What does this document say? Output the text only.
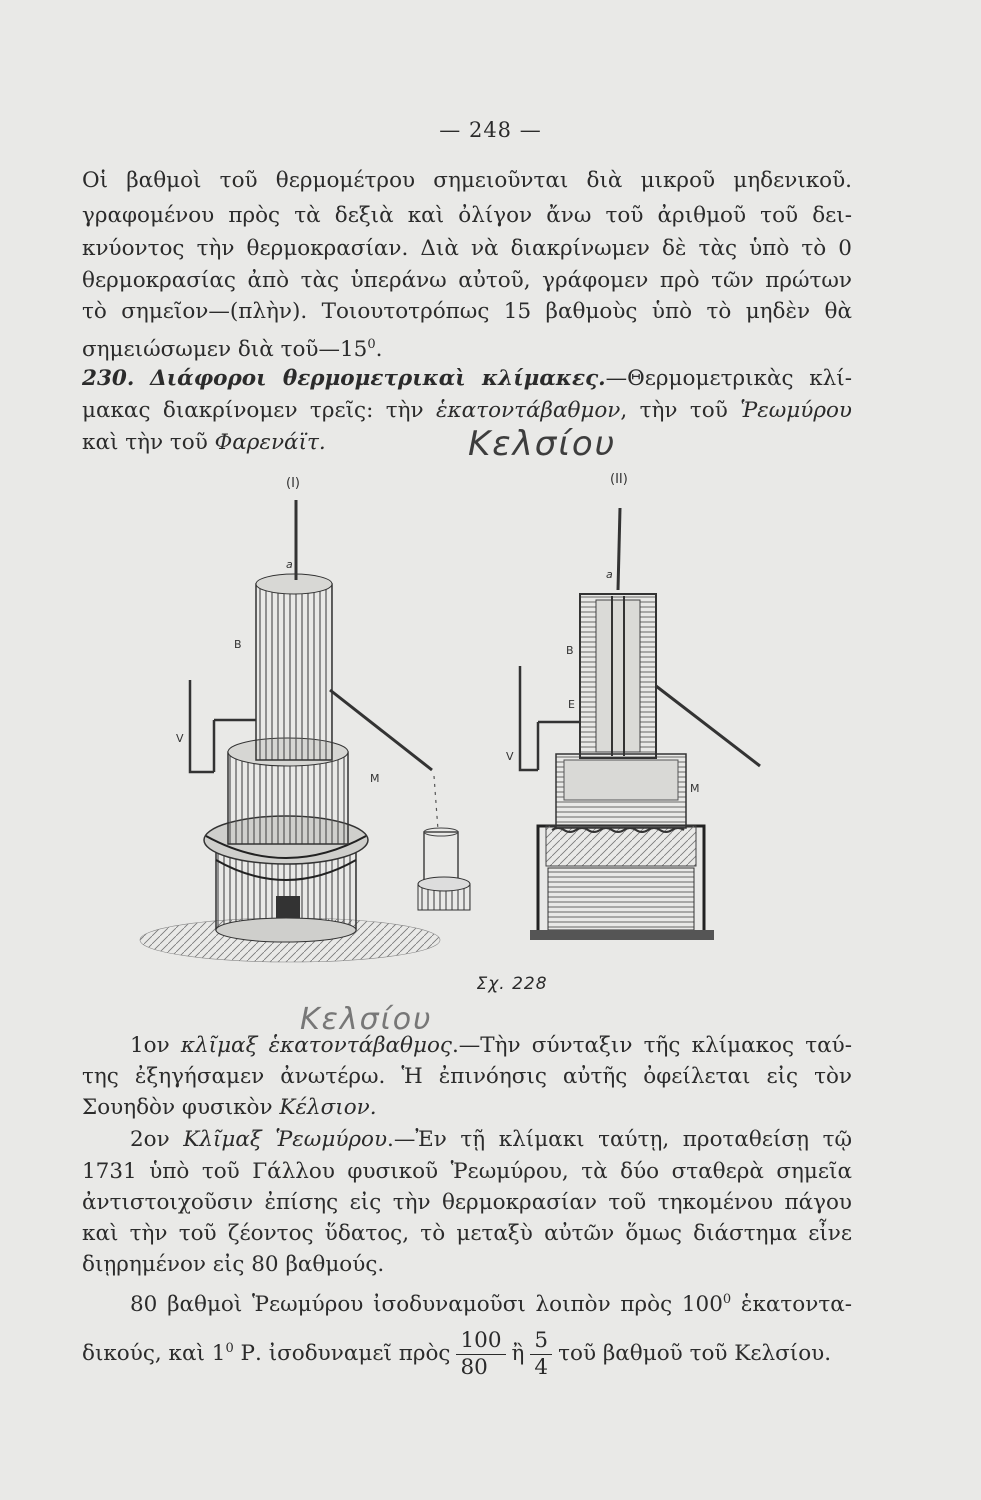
— 248 —
Οἱ βαθμοὶ τοῦ θερμομέτρου σημειοῦνται διὰ μικροῦ μηδενικοῦ.
γραφομένου πρὸς τὰ δεξιὰ καὶ ὀλίγον ἄνω τοῦ ἀριθμοῦ τοῦ δει-
κνύοντος τὴν θερμοκρασίαν. Διὰ νὰ διακρίνωμεν δὲ τὰς ὑπὸ τὸ 0
θερμοκρασίας ἀπὸ τὰς ὑπεράνω αὐτοῦ, γράφομεν πρὸ τῶν πρώτων
τὸ σημεῖον—(πλὴν). Τοιουτοτρόπως 15 βαθμοὺς ὑπὸ τὸ μηδὲν θὰ
σημειώσωμεν διὰ $\tau oῦ—15^0$.
230. Διάφοροι θερμομετρικαὶ κλίμακες.—Θερμομετρικὰς κλί-
μακας διακρίνομεν τρεῖς: τὴν ἑκατοντάβαθμον, τὴν τοῦ Ῥεωμύρου
καὶ τὴν τοῦ Φαρενάϊτ.	Κελσίου
(I)	(II)
a
B
V
M
a
B
E
V
M
Σχ. 228
Κελσίου
1ον κλῖμαξ ἑκατοντάβαθμος.—Τὴν σύνταξιν τῆς κλίμακος ταύ-
της ἐξηγήσαμεν ἀνωτέρω. Ἡ ἐπινόησις αὐτῆς ὀφείλεται εἰς τὸν
Σουηδὸν φυσικὸν Κέλσιον.
2ον Κλῖμαξ Ῥεωμύρου.—Ἐν τῇ κλίμακι ταύτῃ, προταθείσῃ τῷ
1731 ὑπὸ τοῦ Γάλλου φυσικοῦ Ῥεωμύρου, τὰ δύο σταθερὰ σημεῖα
ἀντιστοιχοῦσιν ἐπίσης εἰς τὴν θερμοκρασίαν τοῦ τηκομένου πάγου
καὶ τὴν τοῦ ζέοντος ὕδατος, τὸ μεταξὺ αὐτῶν ὅμως διάστημα εἶνε
διῃρημένον εἰς 80 βαθμούς.
80 βαθμοὶ Ῥεωμύρου ἰσοδυναμοῦσι λοιπὸν πρὸς $100^0$ ἑκατοντα-
δικούς, καὶ $1^0$ Ρ. ἰσοδυναμεῖ πρὸς $\frac{100}{80}$ ἢ $\frac{5}{4}$ τοῦ βαθμοῦ τοῦ Κελσίου.
